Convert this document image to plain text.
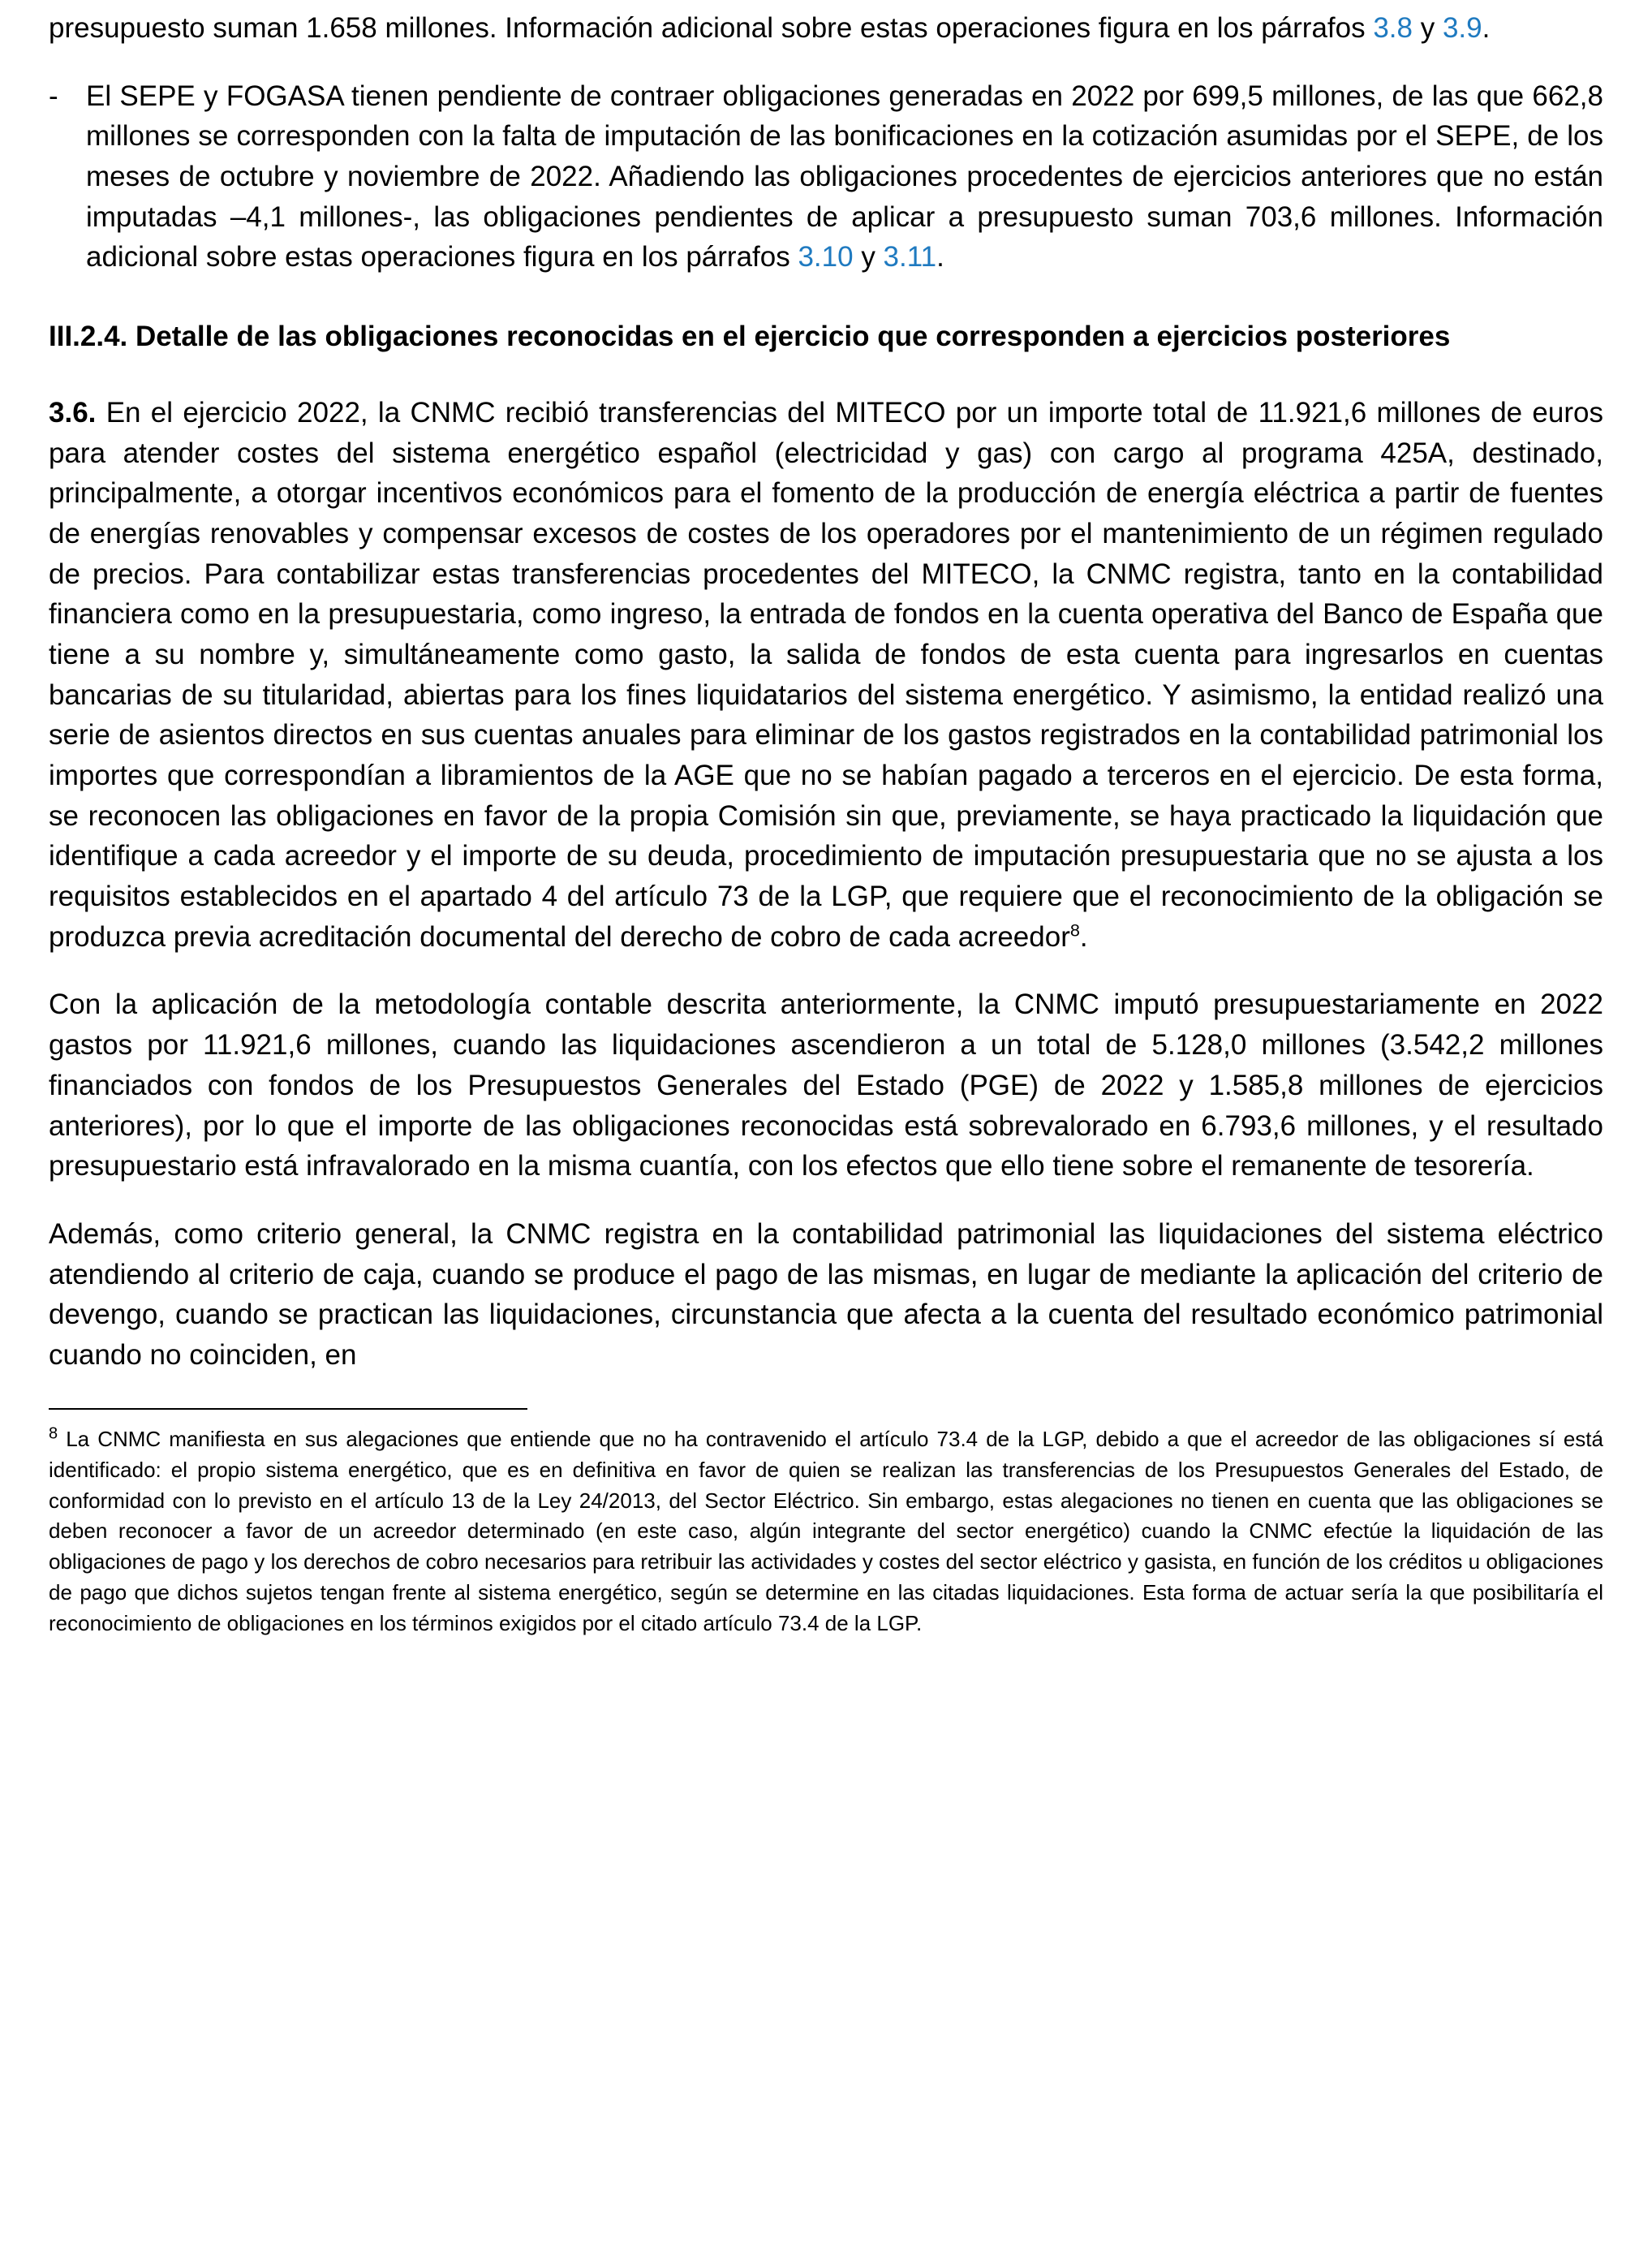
presupuesto suman 1.658 millones. Información adicional sobre estas operaciones figura en los párrafos 3.8 y 3.9.

- El SEPE y FOGASA tienen pendiente de contraer obligaciones generadas en 2022 por 699,5 millones, de las que 662,8 millones se corresponden con la falta de imputación de las bonificaciones en la cotización asumidas por el SEPE, de los meses de octubre y noviembre de 2022. Añadiendo las obligaciones procedentes de ejercicios anteriores que no están imputadas –4,1 millones-, las obligaciones pendientes de aplicar a presupuesto suman 703,6 millones. Información adicional sobre estas operaciones figura en los párrafos 3.10 y 3.11.
III.2.4. Detalle de las obligaciones reconocidas en el ejercicio que corresponden a ejercicios posteriores

3.6. En el ejercicio 2022, la CNMC recibió transferencias del MITECO por un importe total de 11.921,6 millones de euros para atender costes del sistema energético español (electricidad y gas) con cargo al programa 425A, destinado, principalmente, a otorgar incentivos económicos para el fomento de la producción de energía eléctrica a partir de fuentes de energías renovables y compensar excesos de costes de los operadores por el mantenimiento de un régimen regulado de precios. Para contabilizar estas transferencias procedentes del MITECO, la CNMC registra, tanto en la contabilidad financiera como en la presupuestaria, como ingreso, la entrada de fondos en la cuenta operativa del Banco de España que tiene a su nombre y, simultáneamente como gasto, la salida de fondos de esta cuenta para ingresarlos en cuentas bancarias de su titularidad, abiertas para los fines liquidatarios del sistema energético. Y asimismo, la entidad realizó una serie de asientos directos en sus cuentas anuales para eliminar de los gastos registrados en la contabilidad patrimonial los importes que correspondían a libramientos de la AGE que no se habían pagado a terceros en el ejercicio. De esta forma, se reconocen las obligaciones en favor de la propia Comisión sin que, previamente, se haya practicado la liquidación que identifique a cada acreedor y el importe de su deuda, procedimiento de imputación presupuestaria que no se ajusta a los requisitos establecidos en el apartado 4 del artículo 73 de la LGP, que requiere que el reconocimiento de la obligación se produzca previa acreditación documental del derecho de cobro de cada acreedor$^8$.

Con la aplicación de la metodología contable descrita anteriormente, la CNMC imputó presupuestariamente en 2022 gastos por 11.921,6 millones, cuando las liquidaciones ascendieron a un total de 5.128,0 millones (3.542,2 millones financiados con fondos de los Presupuestos Generales del Estado (PGE) de 2022 y 1.585,8 millones de ejercicios anteriores), por lo que el importe de las obligaciones reconocidas está sobrevalorado en 6.793,6 millones, y el resultado presupuestario está infravalorado en la misma cuantía, con los efectos que ello tiene sobre el remanente de tesorería.

Además, como criterio general, la CNMC registra en la contabilidad patrimonial las liquidaciones del sistema eléctrico atendiendo al criterio de caja, cuando se produce el pago de las mismas, en lugar de mediante la aplicación del criterio de devengo, cuando se practican las liquidaciones, circunstancia que afecta a la cuenta del resultado económico patrimonial cuando no coinciden, en

$^8$ La CNMC manifiesta en sus alegaciones que entiende que no ha contravenido el artículo 73.4 de la LGP, debido a que el acreedor de las obligaciones sí está identificado: el propio sistema energético, que es en definitiva en favor de quien se realizan las transferencias de los Presupuestos Generales del Estado, de conformidad con lo previsto en el artículo 13 de la Ley 24/2013, del Sector Eléctrico. Sin embargo, estas alegaciones no tienen en cuenta que las obligaciones se deben reconocer a favor de un acreedor determinado (en este caso, algún integrante del sector energético) cuando la CNMC efectúe la liquidación de las obligaciones de pago y los derechos de cobro necesarios para retribuir las actividades y costes del sector eléctrico y gasista, en función de los créditos u obligaciones de pago que dichos sujetos tengan frente al sistema energético, según se determine en las citadas liquidaciones. Esta forma de actuar sería la que posibilitaría el reconocimiento de obligaciones en los términos exigidos por el citado artículo 73.4 de la LGP.
